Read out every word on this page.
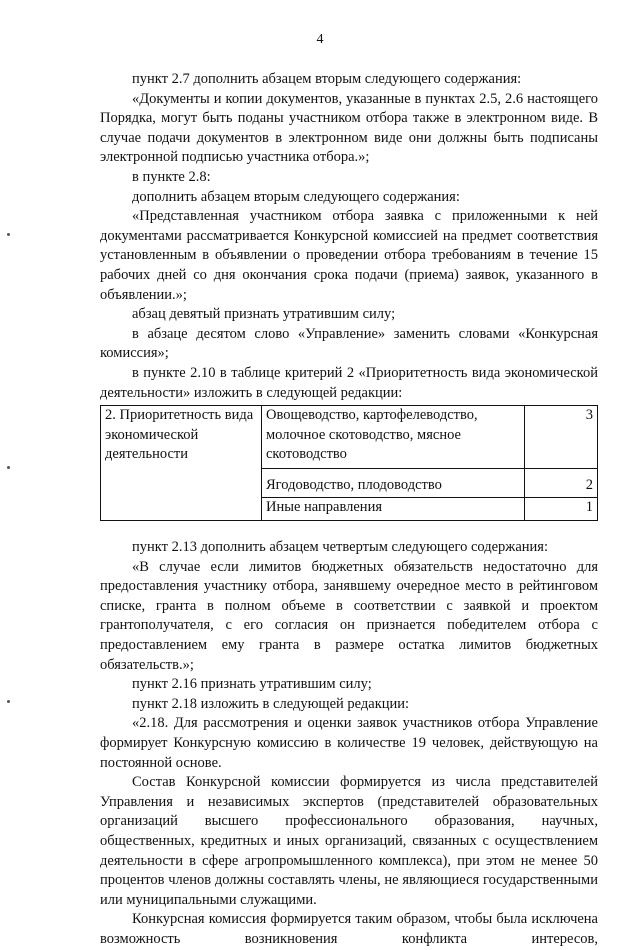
4

пункт 2.7 дополнить абзацем вторым следующего содержания:

«Документы и копии документов, указанные в пунктах 2.5, 2.6 настоящего Порядка, могут быть поданы участником отбора также в электронном виде. В случае подачи документов в электронном виде они должны быть подписаны электронной подписью участника отбора.»;

в пункте 2.8:

дополнить абзацем вторым следующего содержания:

«Представленная участником отбора заявка с приложенными к ней документами рассматривается Конкурсной комиссией на предмет соответствия установленным в объявлении о проведении отбора требованиям в течение 15 рабочих дней со дня окончания срока подачи (приема) заявок, указанного в объявлении.»;

абзац девятый признать утратившим силу;

в абзаце десятом слово «Управление» заменить словами «Конкурсная комиссия»;

в пункте 2.10 в таблице критерий 2 «Приоритетность вида экономической деятельности» изложить в следующей редакции:

2. Приоритетность вида экономической деятельности	Овощеводство, картофелеводство, молочное скотоводство, мясное скотоводство	3
	Ягодоводство, плодоводство	2
	Иные направления	1

пункт 2.13 дополнить абзацем четвертым следующего содержания:

«В случае если лимитов бюджетных обязательств недостаточно для предоставления участнику отбора, занявшему очередное место в рейтинговом списке, гранта в полном объеме в соответствии с заявкой и проектом грантополучателя, с его согласия он признается победителем отбора с предоставлением ему гранта в размере остатка лимитов бюджетных обязательств.»;

пункт 2.16 признать утратившим силу;

пункт 2.18 изложить в следующей редакции:

«2.18. Для рассмотрения и оценки заявок участников отбора Управление формирует Конкурсную комиссию в количестве 19 человек, действующую на постоянной основе.

Состав Конкурсной комиссии формируется из числа представителей Управления и независимых экспертов (представителей образовательных организаций высшего профессионального образования, научных, общественных, кредитных и иных организаций, связанных с осуществлением деятельности в сфере агропромышленного комплекса), при этом не менее 50 процентов членов должны составлять члены, не являющиеся государственными или муниципальными служащими.

Конкурсная комиссия формируется таким образом, чтобы была исключена возможность возникновения конфликта интересов,
